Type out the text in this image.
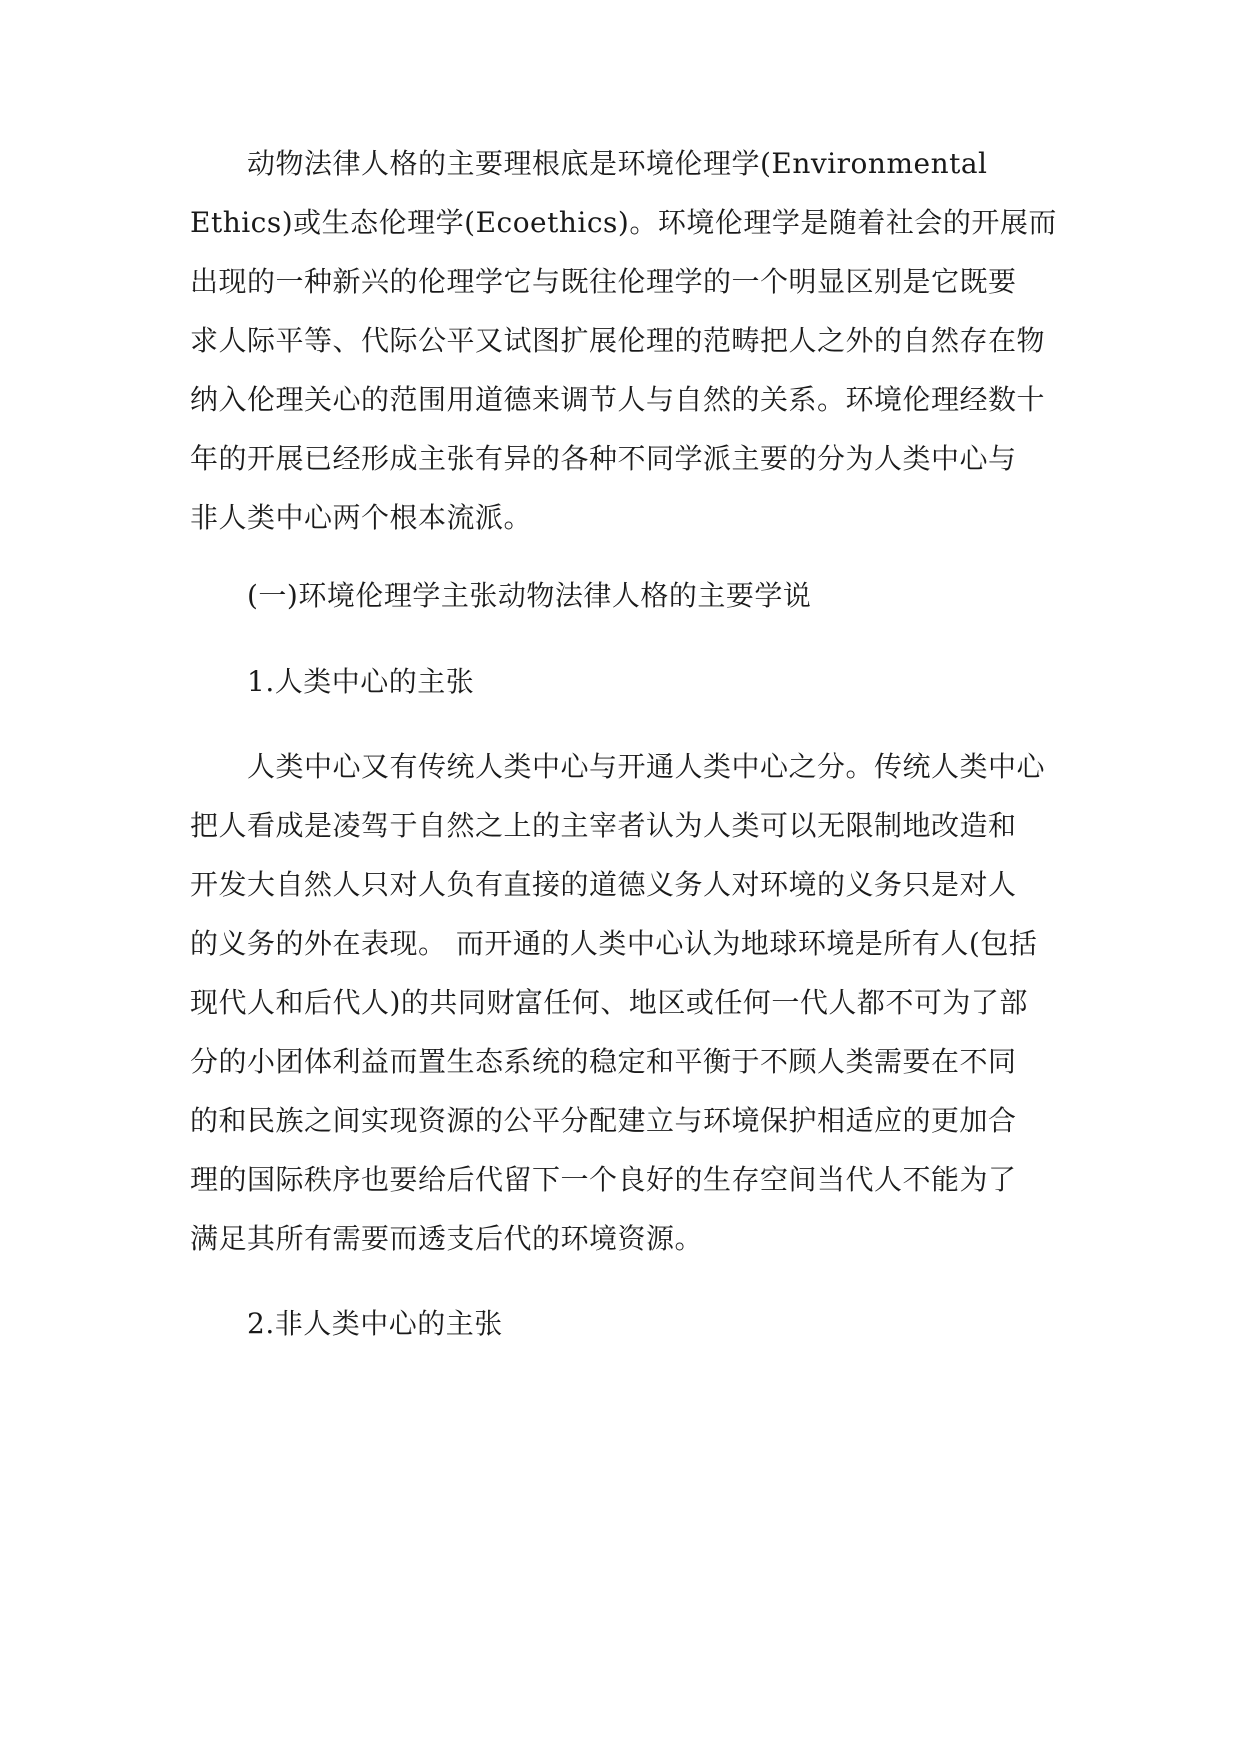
动物法律人格的主要理根底是环境伦理学(Environmental
Ethics)或生态伦理学(Ecoethics)。环境伦理学是随着社会的开展而
出现的一种新兴的伦理学它与既往伦理学的一个明显区别是它既要
求人际平等、代际公平又试图扩展伦理的范畴把人之外的自然存在物
纳入伦理关心的范围用道德来调节人与自然的关系。环境伦理经数十
年的开展已经形成主张有异的各种不同学派主要的分为人类中心与
非人类中心两个根本流派。
(一)环境伦理学主张动物法律人格的主要学说
1.人类中心的主张
人类中心又有传统人类中心与开通人类中心之分。传统人类中心
把人看成是凌驾于自然之上的主宰者认为人类可以无限制地改造和
开发大自然人只对人负有直接的道德义务人对环境的义务只是对人
的义务的外在表现。 而开通的人类中心认为地球环境是所有人(包括
现代人和后代人)的共同财富任何、地区或任何一代人都不可为了部
分的小团体利益而置生态系统的稳定和平衡于不顾人类需要在不同
的和民族之间实现资源的公平分配建立与环境保护相适应的更加合
理的国际秩序也要给后代留下一个良好的生存空间当代人不能为了
满足其所有需要而透支后代的环境资源。
2.非人类中心的主张
